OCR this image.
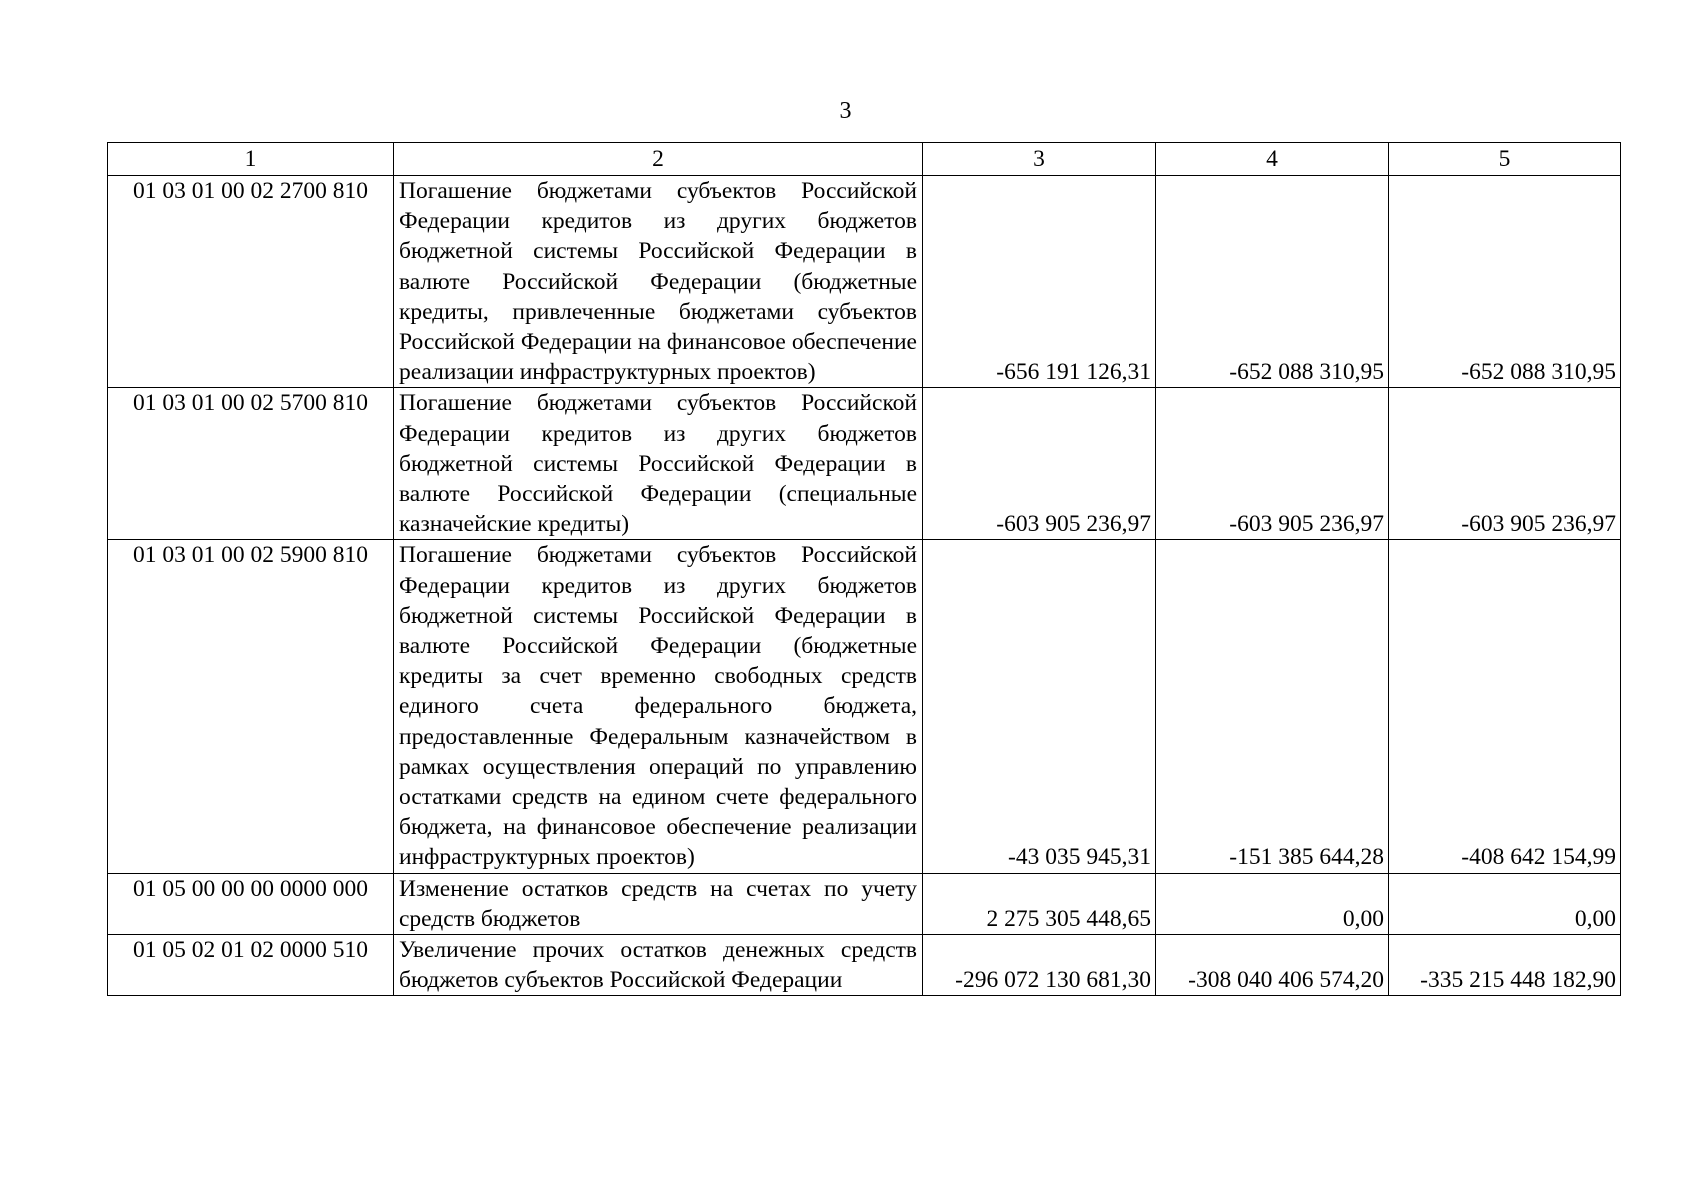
3
1	2	3	4	5
01 03 01 00 02 2700 810	Погашение бюджетами субъектов Российской Федерации кредитов из других бюджетов бюджетной системы Российской Федерации в валюте Российской Федерации (бюджетные кредиты, привлеченные бюджетами субъектов Российской Федерации на финансовое обеспечение реализации инфраструктурных проектов)	-656 191 126,31	-652 088 310,95	-652 088 310,95
01 03 01 00 02 5700 810	Погашение бюджетами субъектов Российской Федерации кредитов из других бюджетов бюджетной системы Российской Федерации в валюте Российской Федерации (специальные казначейские кредиты)	-603 905 236,97	-603 905 236,97	-603 905 236,97
01 03 01 00 02 5900 810	Погашение бюджетами субъектов Российской Федерации кредитов из других бюджетов бюджетной системы Российской Федерации в валюте Российской Федерации (бюджетные кредиты за счет временно свободных средств единого счета федерального бюджета, предоставленные Федеральным казначейством в рамках осуществления операций по управлению остатками средств на едином счете федерального бюджета, на финансовое обеспечение реализации инфраструктурных проектов)	-43 035 945,31	-151 385 644,28	-408 642 154,99
01 05 00 00 00 0000 000	Изменение остатков средств на счетах по учету средств бюджетов	2 275 305 448,65	0,00	0,00
01 05 02 01 02 0000 510	Увеличение прочих остатков денежных средств бюджетов субъектов Российской Федерации	-296 072 130 681,30	-308 040 406 574,20	-335 215 448 182,90
